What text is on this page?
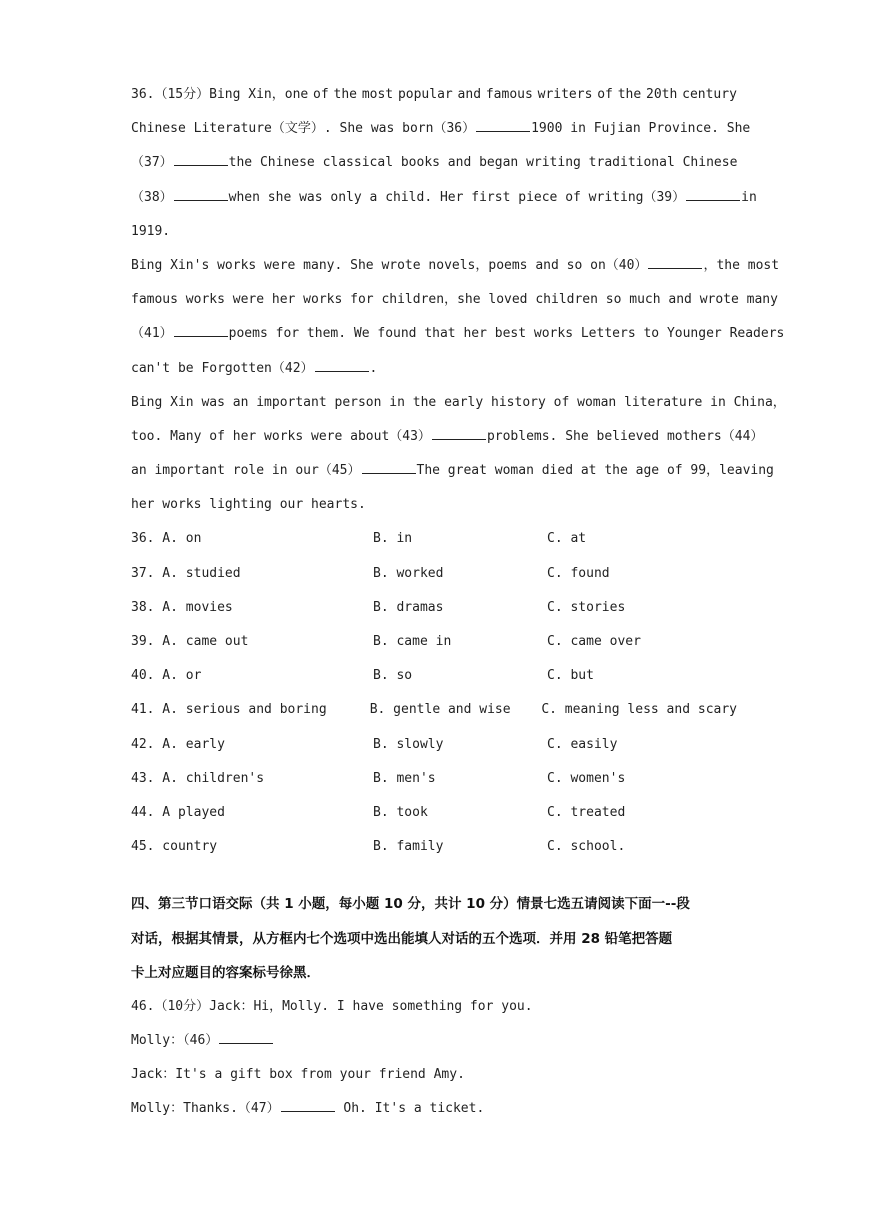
36.（15分）Bing Xin，one of the most popular and famous writers of the 20th century
Chinese Literature（文学）. She was born（36）	1900 in Fujian Province. She
（37）	the Chinese classical books and began writing traditional Chinese
（38）	when she was only a child. Her first piece of writing（39）	in
1919.
Bing Xin's works were many. She wrote novels，poems and so on（40）	，the most
famous works were her works for children，she loved children so much and wrote many
（41）	poems for them. We found that her best works Letters to Younger Readers
can't be Forgotten（42）	.
Bing Xin was an important person in the early history of woman literature in China，
too. Many of her works were about（43）	problems. She believed mothers（44）
an important role in our（45）	The great woman died at the age of 99，leaving
her works lighting our hearts.
36. A. on	B. in	C. at
37. A. studied	B. worked	C. found
38. A. movies	B. dramas	C. stories
39. A. came out	B. came in	C. came over
40. A. or	B. so	C. but
41. A. serious and boring	B. gentle and wise	C. meaning less and scary
42. A. early	B. slowly	C. easily
43. A. children's	B. men's	C. women's
44. A played	B. took	C. treated
45. country	B. family	C. school.
四、第三节口语交际（共 1 小题，每小题 10 分，共计 10 分）情景七选五请阅读下面一--段
对话，根据其情景，从方框内七个选项中选出能填人对话的五个选项．并用 28 铅笔把答题
卡上对应题目的容案标号徐黑．
46.（10分）Jack：Hi，Molly. I have something for you.
Molly：（46）
Jack：It's a gift box from your friend Amy.
Molly：Thanks.（47）	Oh. It's a ticket.
